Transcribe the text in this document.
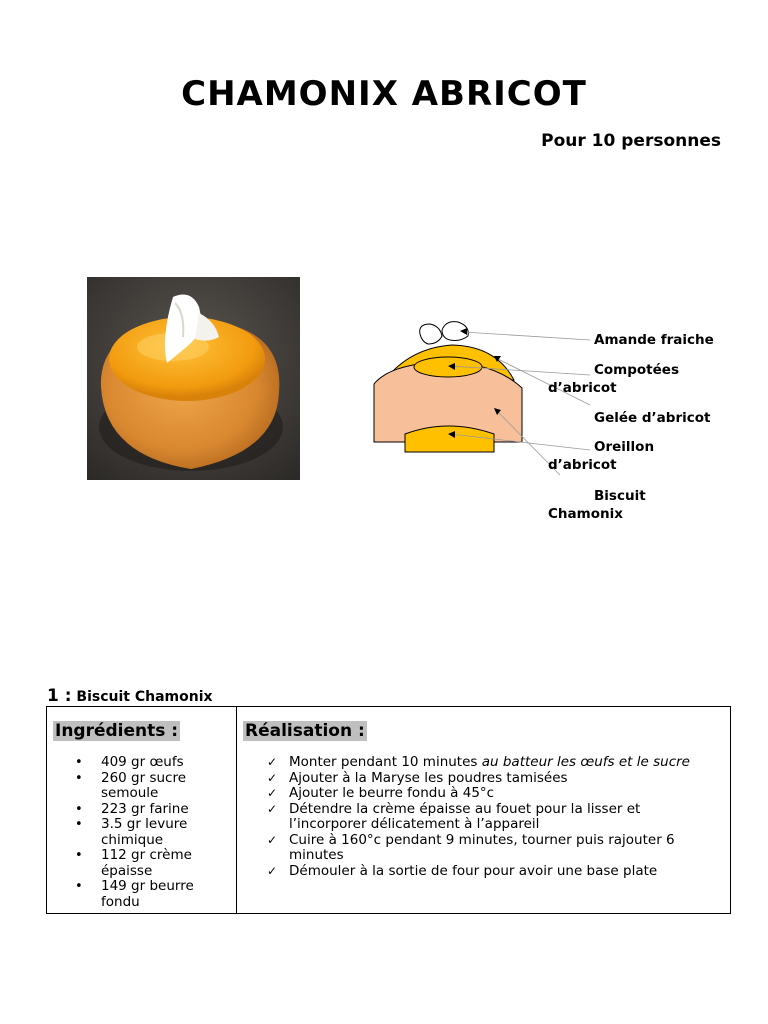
CHAMONIX ABRICOT

Pour 10 personnes

Amande fraiche
Compotées
d’abricot
Gelée d’abricot
Oreillon
d’abricot
Biscuit
Chamonix
1 : Biscuit Chamonix
Ingrédients :
• 409 gr œufs
• 260 gr sucre semoule
• 223 gr farine
• 3.5 gr levure chimique
• 112 gr crème épaisse
• 149 gr beurre fondu
Réalisation :
✓ Monter pendant 10 minutes au batteur les œufs et le sucre
✓ Ajouter à la Maryse les poudres tamisées
✓ Ajouter le beurre fondu à 45°c
✓ Détendre la crème épaisse au fouet pour la lisser et l’incorporer délicatement à l’appareil
✓ Cuire à 160°c pendant 9 minutes, tourner puis rajouter 6 minutes
✓ Démouler à la sortie de four pour avoir une base plate
